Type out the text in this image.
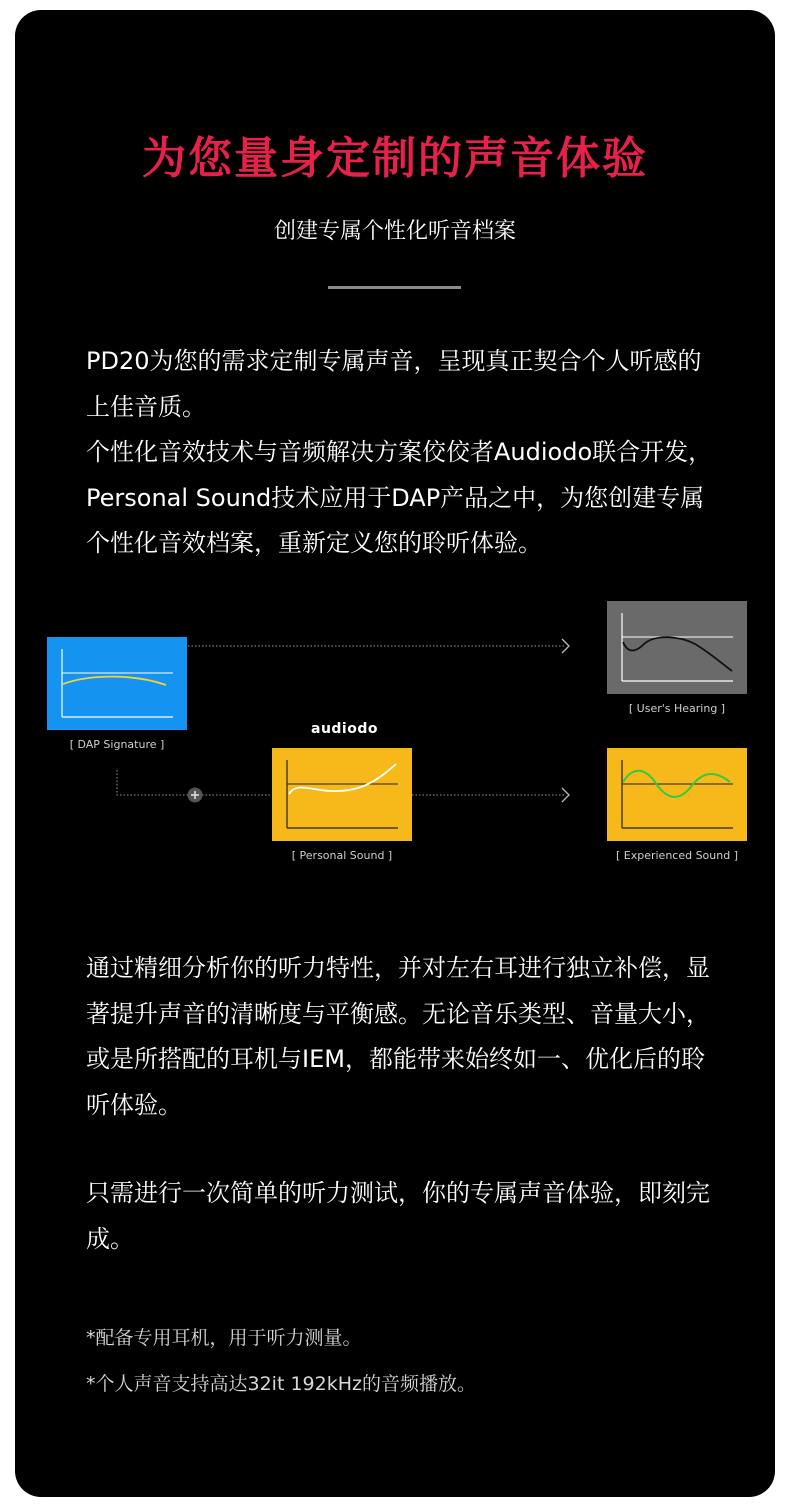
为您量身定制的声音体验
创建专属个性化听音档案
PD20为您的需求定制专属声音，呈现真正契合个人听感的上佳音质。
个性化音效技术与音频解决方案佼佼者Audiodo联合开发，Personal Sound技术应用于DAP产品之中，为您创建专属个性化音效档案，重新定义您的聆听体验。
[ DAP Signature ]
[ User's Hearing ]
audiodo
[ Personal Sound ]	[ Experienced Sound ]
通过精细分析你的听力特性，并对左右耳进行独立补偿，显著提升声音的清晰度与平衡感。无论音乐类型、音量大小，或是所搭配的耳机与IEM，都能带来始终如一、优化后的聆听体验。
只需进行一次简单的听力测试，你的专属声音体验，即刻完成。
*配备专用耳机，用于听力测量。
*个人声音支持高达32it 192kHz的音频播放。
